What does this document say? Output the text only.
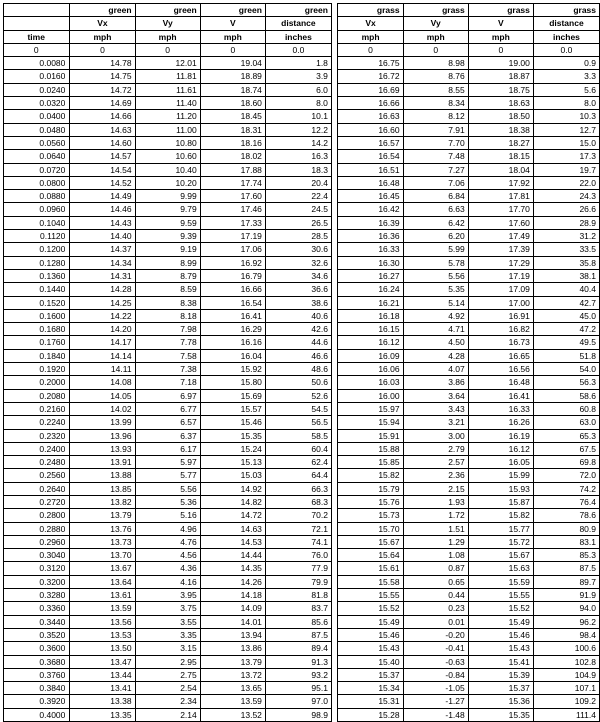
	green	green	green	green		grass	grass	grass	grass
	Vx	Vy	V	distance		Vx	Vy	V	distance
time	mph	mph	mph	inches		mph	mph	mph	inches
0	0	0	0	0.0		0	0	0	0.0
0.0080	14.78	12.01	19.04	1.8		16.75	8.98	19.00	0.9
0.0160	14.75	11.81	18.89	3.9		16.72	8.76	18.87	3.3
0.0240	14.72	11.61	18.74	6.0		16.69	8.55	18.75	5.6
0.0320	14.69	11.40	18.60	8.0		16.66	8.34	18.63	8.0
0.0400	14.66	11.20	18.45	10.1		16.63	8.12	18.50	10.3
0.0480	14.63	11.00	18.31	12.2		16.60	7.91	18.38	12.7
0.0560	14.60	10.80	18.16	14.2		16.57	7.70	18.27	15.0
0.0640	14.57	10.60	18.02	16.3		16.54	7.48	18.15	17.3
0.0720	14.54	10.40	17.88	18.3		16.51	7.27	18.04	19.7
0.0800	14.52	10.20	17.74	20.4		16.48	7.06	17.92	22.0
0.0880	14.49	9.99	17.60	22.4		16.45	6.84	17.81	24.3
0.0960	14.46	9.79	17.46	24.5		16.42	6.63	17.70	26.6
0.1040	14.43	9.59	17.33	26.5		16.39	6.42	17.60	28.9
0.1120	14.40	9.39	17.19	28.5		16.36	6.20	17.49	31.2
0.1200	14.37	9.19	17.06	30.6		16.33	5.99	17.39	33.5
0.1280	14.34	8.99	16.92	32.6		16.30	5.78	17.29	35.8
0.1360	14.31	8.79	16.79	34.6		16.27	5.56	17.19	38.1
0.1440	14.28	8.59	16.66	36.6		16.24	5.35	17.09	40.4
0.1520	14.25	8.38	16.54	38.6		16.21	5.14	17.00	42.7
0.1600	14.22	8.18	16.41	40.6		16.18	4.92	16.91	45.0
0.1680	14.20	7.98	16.29	42.6		16.15	4.71	16.82	47.2
0.1760	14.17	7.78	16.16	44.6		16.12	4.50	16.73	49.5
0.1840	14.14	7.58	16.04	46.6		16.09	4.28	16.65	51.8
0.1920	14.11	7.38	15.92	48.6		16.06	4.07	16.56	54.0
0.2000	14.08	7.18	15.80	50.6		16.03	3.86	16.48	56.3
0.2080	14.05	6.97	15.69	52.6		16.00	3.64	16.41	58.6
0.2160	14.02	6.77	15.57	54.5		15.97	3.43	16.33	60.8
0.2240	13.99	6.57	15.46	56.5		15.94	3.21	16.26	63.0
0.2320	13.96	6.37	15.35	58.5		15.91	3.00	16.19	65.3
0.2400	13.93	6.17	15.24	60.4		15.88	2.79	16.12	67.5
0.2480	13.91	5.97	15.13	62.4		15.85	2.57	16.05	69.8
0.2560	13.88	5.77	15.03	64.4		15.82	2.36	15.99	72.0
0.2640	13.85	5.56	14.92	66.3		15.79	2.15	15.93	74.2
0.2720	13.82	5.36	14.82	68.3		15.76	1.93	15.87	76.4
0.2800	13.79	5.16	14.72	70.2		15.73	1.72	15.82	78.6
0.2880	13.76	4.96	14.63	72.1		15.70	1.51	15.77	80.9
0.2960	13.73	4.76	14.53	74.1		15.67	1.29	15.72	83.1
0.3040	13.70	4.56	14.44	76.0		15.64	1.08	15.67	85.3
0.3120	13.67	4.36	14.35	77.9		15.61	0.87	15.63	87.5
0.3200	13.64	4.16	14.26	79.9		15.58	0.65	15.59	89.7
0.3280	13.61	3.95	14.18	81.8		15.55	0.44	15.55	91.9
0.3360	13.59	3.75	14.09	83.7		15.52	0.23	15.52	94.0
0.3440	13.56	3.55	14.01	85.6		15.49	0.01	15.49	96.2
0.3520	13.53	3.35	13.94	87.5		15.46	-0.20	15.46	98.4
0.3600	13.50	3.15	13.86	89.4		15.43	-0.41	15.43	100.6
0.3680	13.47	2.95	13.79	91.3		15.40	-0.63	15.41	102.8
0.3760	13.44	2.75	13.72	93.2		15.37	-0.84	15.39	104.9
0.3840	13.41	2.54	13.65	95.1		15.34	-1.05	15.37	107.1
0.3920	13.38	2.34	13.59	97.0		15.31	-1.27	15.36	109.2
0.4000	13.35	2.14	13.52	98.9		15.28	-1.48	15.35	111.4
